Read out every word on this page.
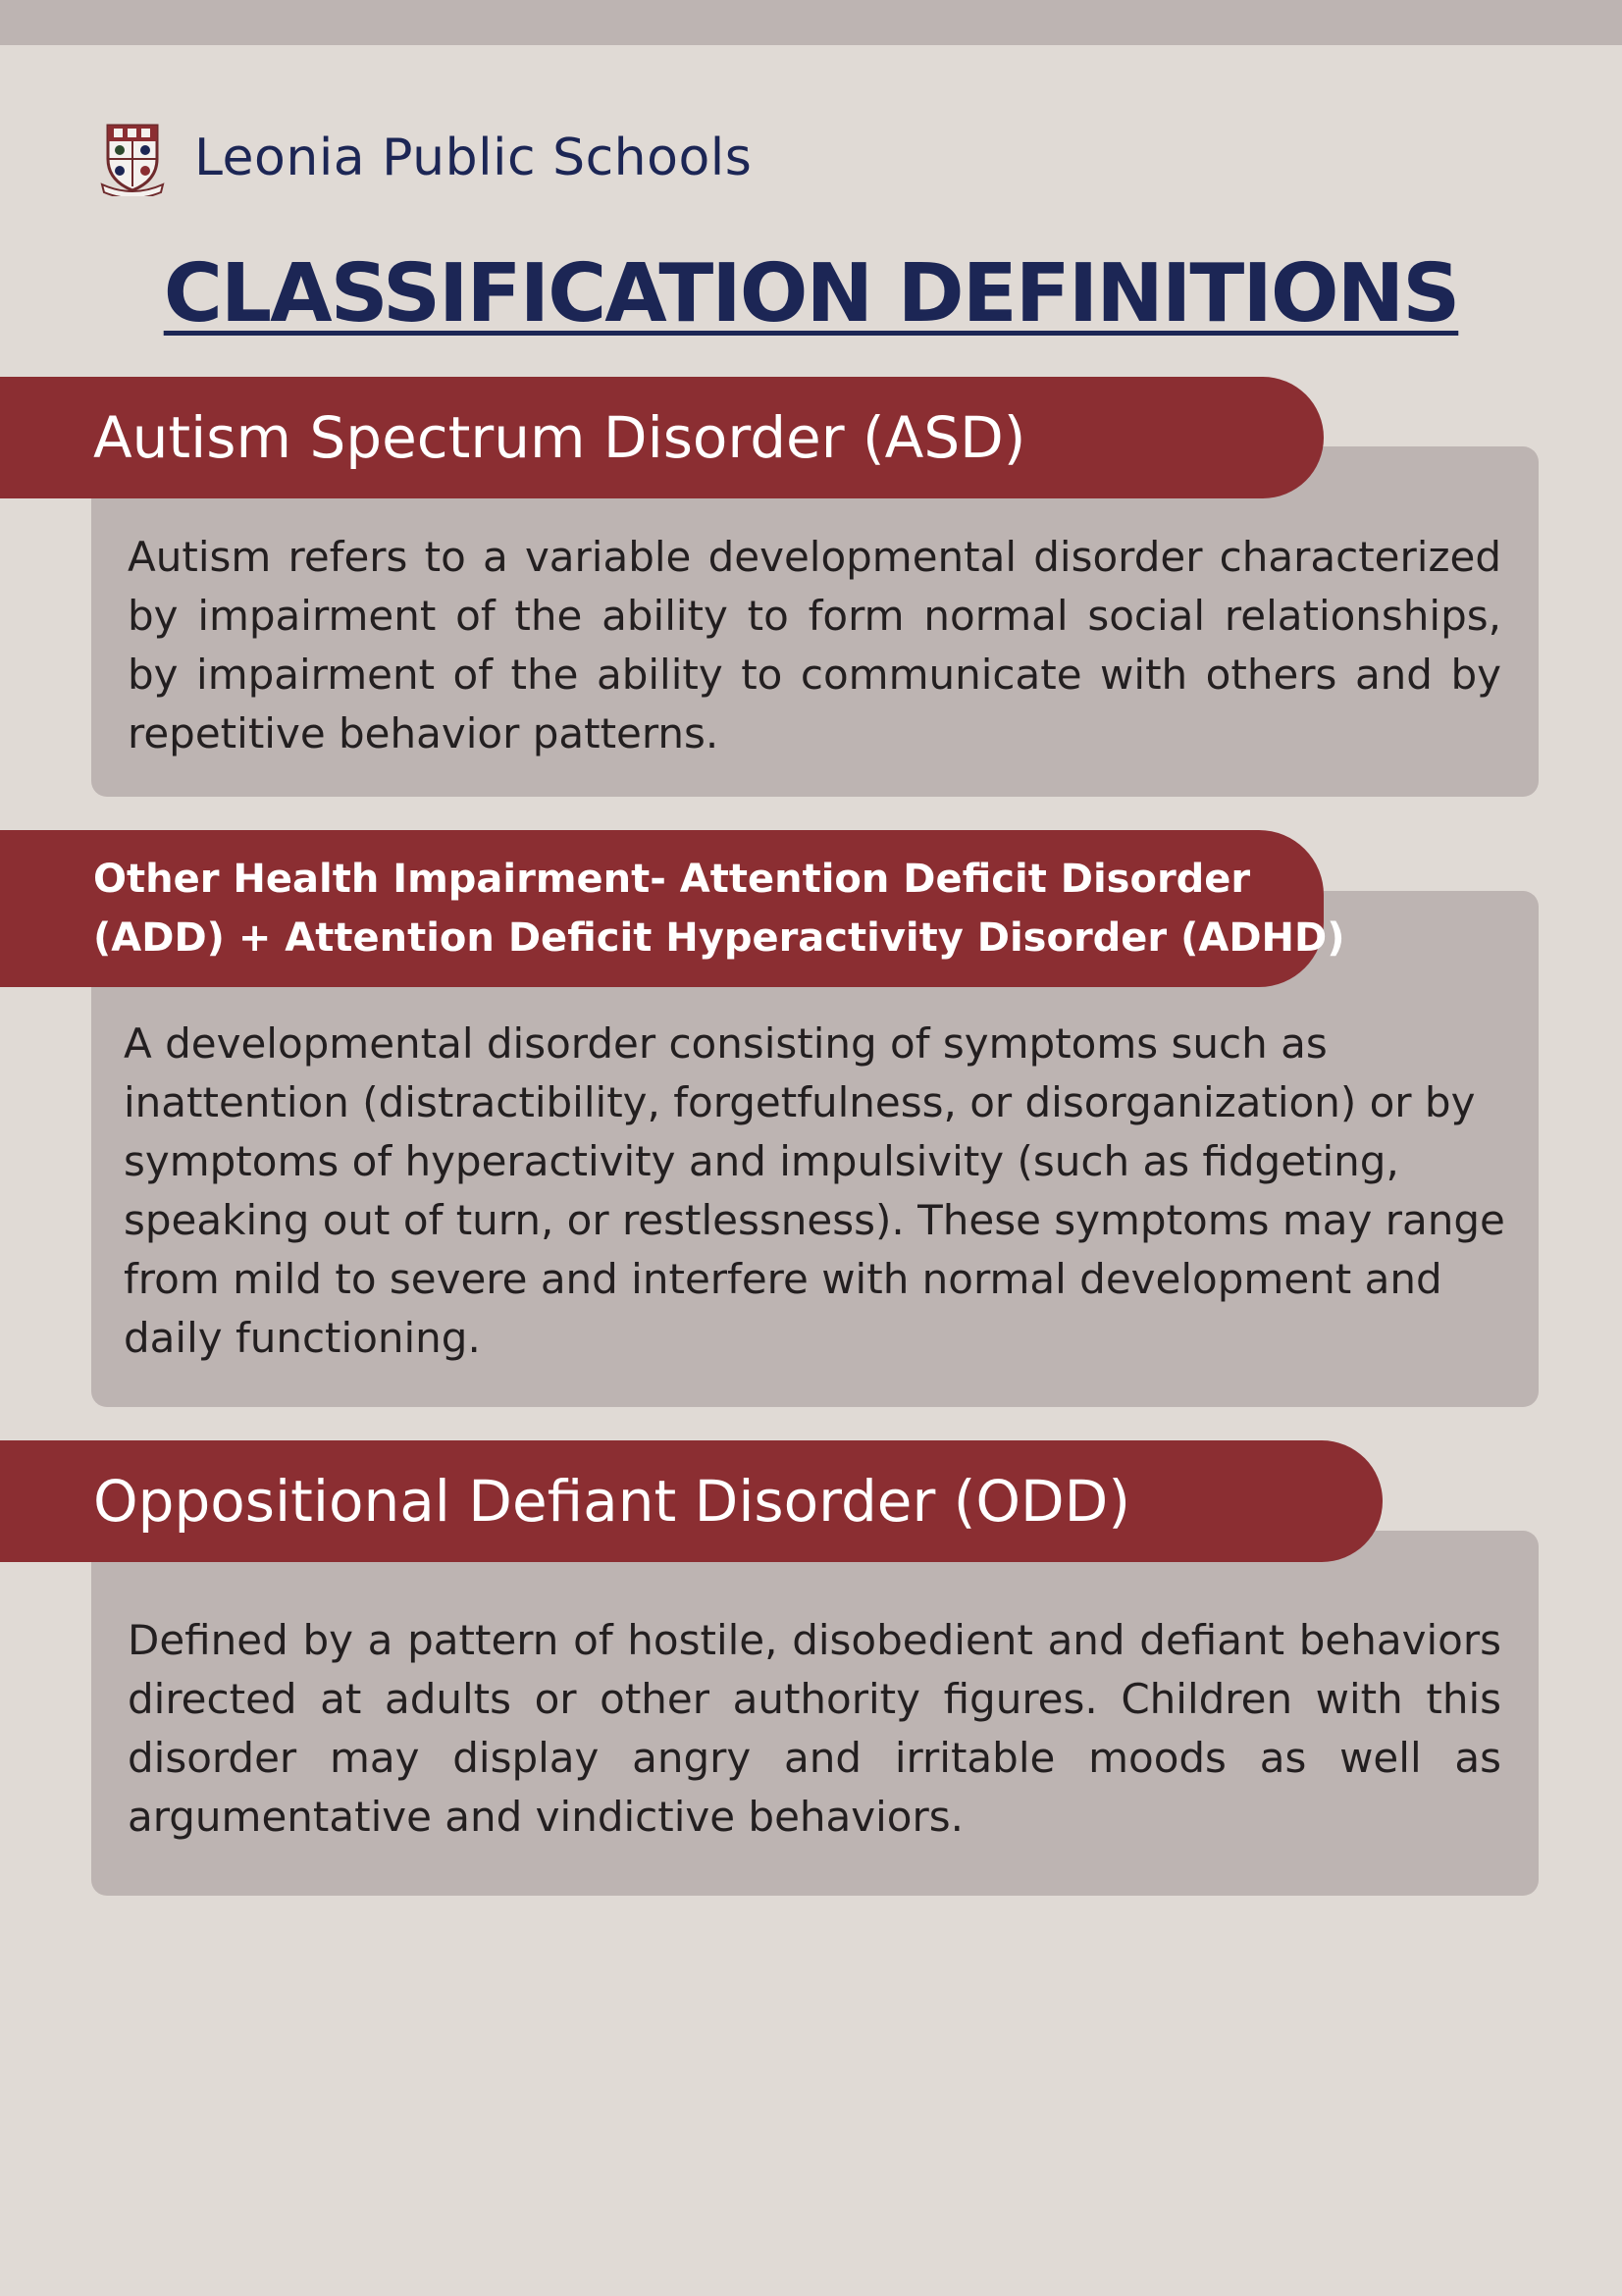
Leonia Public Schools
CLASSIFICATION DEFINITIONS
Autism Spectrum Disorder (ASD)
Autism refers to a variable developmental disorder characterized by impairment of the ability to form normal social relationships, by impairment of the ability to communicate with others and by repetitive behavior patterns.
Other Health Impairment- Attention Deficit Disorder
(ADD) + Attention Deficit Hyperactivity Disorder (ADHD)
A developmental disorder consisting of symptoms such as inattention (distractibility, forgetfulness, or disorganization) or by symptoms of hyperactivity and impulsivity (such as fidgeting, speaking out of turn, or restlessness). These symptoms may range from mild to severe and interfere with normal development and daily functioning.
Oppositional Defiant Disorder (ODD)
Defined by a pattern of hostile, disobedient and defiant behaviors directed at adults or other authority figures. Children with this disorder may display angry and irritable moods as well as argumentative and vindictive behaviors.
